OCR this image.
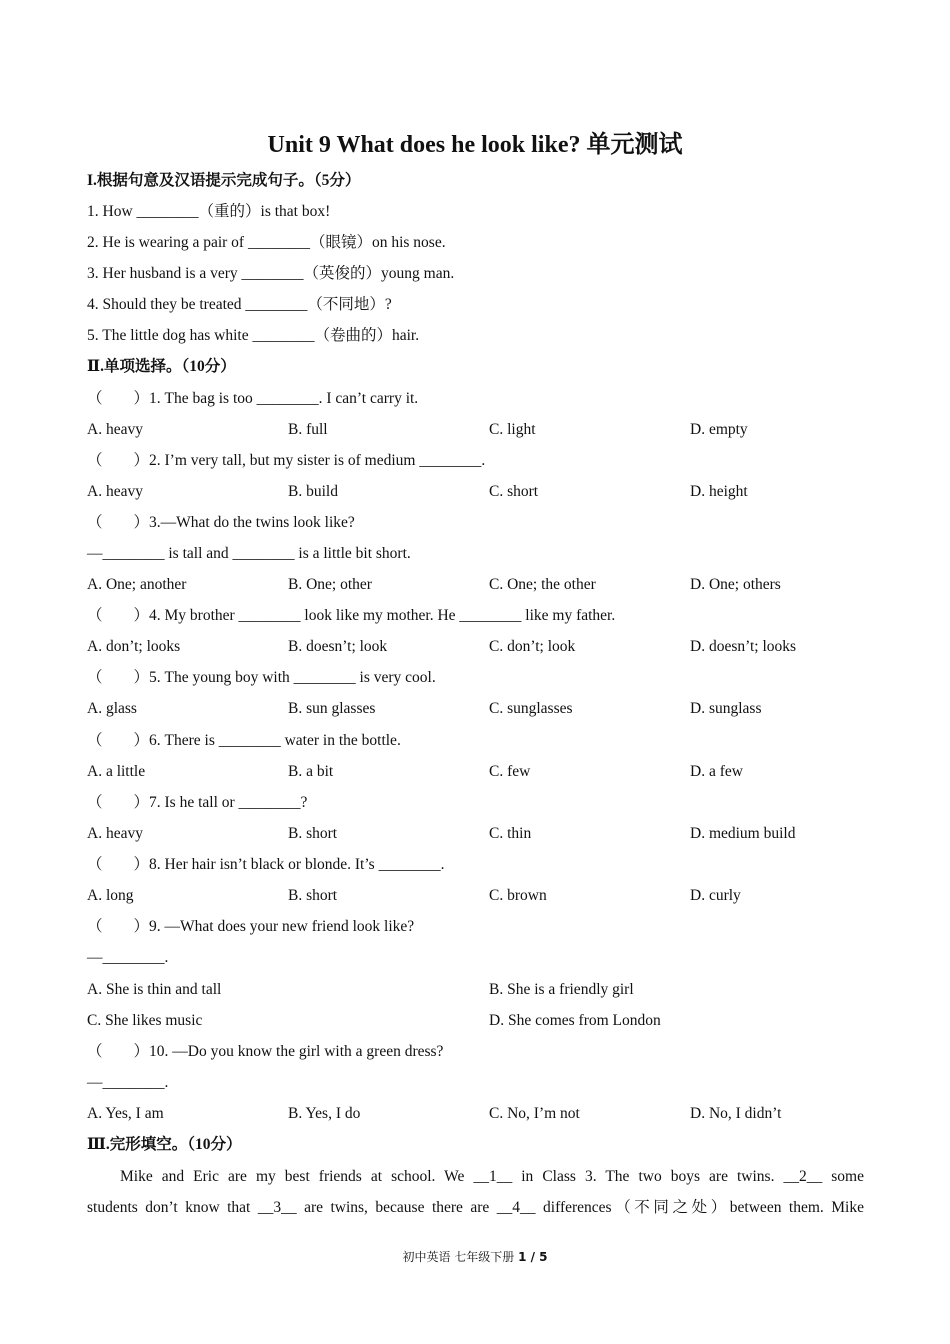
Unit 9 What does he look like? 单元测试
I.根据句意及汉语提示完成句子。（5分）
1. How ________（重的）is that box!
2. He is wearing a pair of ________（眼镜）on his nose.
3. Her husband is a very ________（英俊的）young man.
4. Should they be treated ________（不同地）?
5. The little dog has white ________（卷曲的）hair.
Ⅱ.单项选择。（10分）
（　　）1. The bag is too ________. I can’t carry it.
A. heavy	B. full	C. light	D. empty
（　　）2. I’m very tall, but my sister is of medium ________.
A. heavy	B. build	C. short	D. height
（　　）3.—What do the twins look like?
—________ is tall and ________ is a little bit short.
A. One; another	B. One; other	C. One; the other	D. One; others
（　　）4. My brother ________ look like my mother. He ________ like my father.
A. don’t; looks	B. doesn’t; look	C. don’t; look	D. doesn’t; looks
（　　）5. The young boy with ________ is very cool.
A. glass	B. sun glasses	C. sunglasses	D. sunglass
（　　）6. There is ________ water in the bottle.
A. a little	B. a bit	C. few	D. a few
（　　）7. Is he tall or ________?
A. heavy	B. short	C. thin	D. medium build
（　　）8. Her hair isn’t black or blonde. It’s ________.
A. long	B. short	C. brown	D. curly
（　　）9. —What does your new friend look like?
—________.
A. She is thin and tall	B. She is a friendly girl
C. She likes music	D. She comes from London
（　　）10. —Do you know the girl with a green dress?
—________.
A. Yes, I am	B. Yes, I do	C. No, I’m not	D. No, I didn’t
Ⅲ.完形填空。（10分）
Mike and Eric are my best friends at school. We __1__ in Class 3. The two boys are twins. __2__ some
students don’t know that __3__ are twins, because there are __4__ differences（不同之处）between them. Mike
初中英语 七年级下册 1 / 5
